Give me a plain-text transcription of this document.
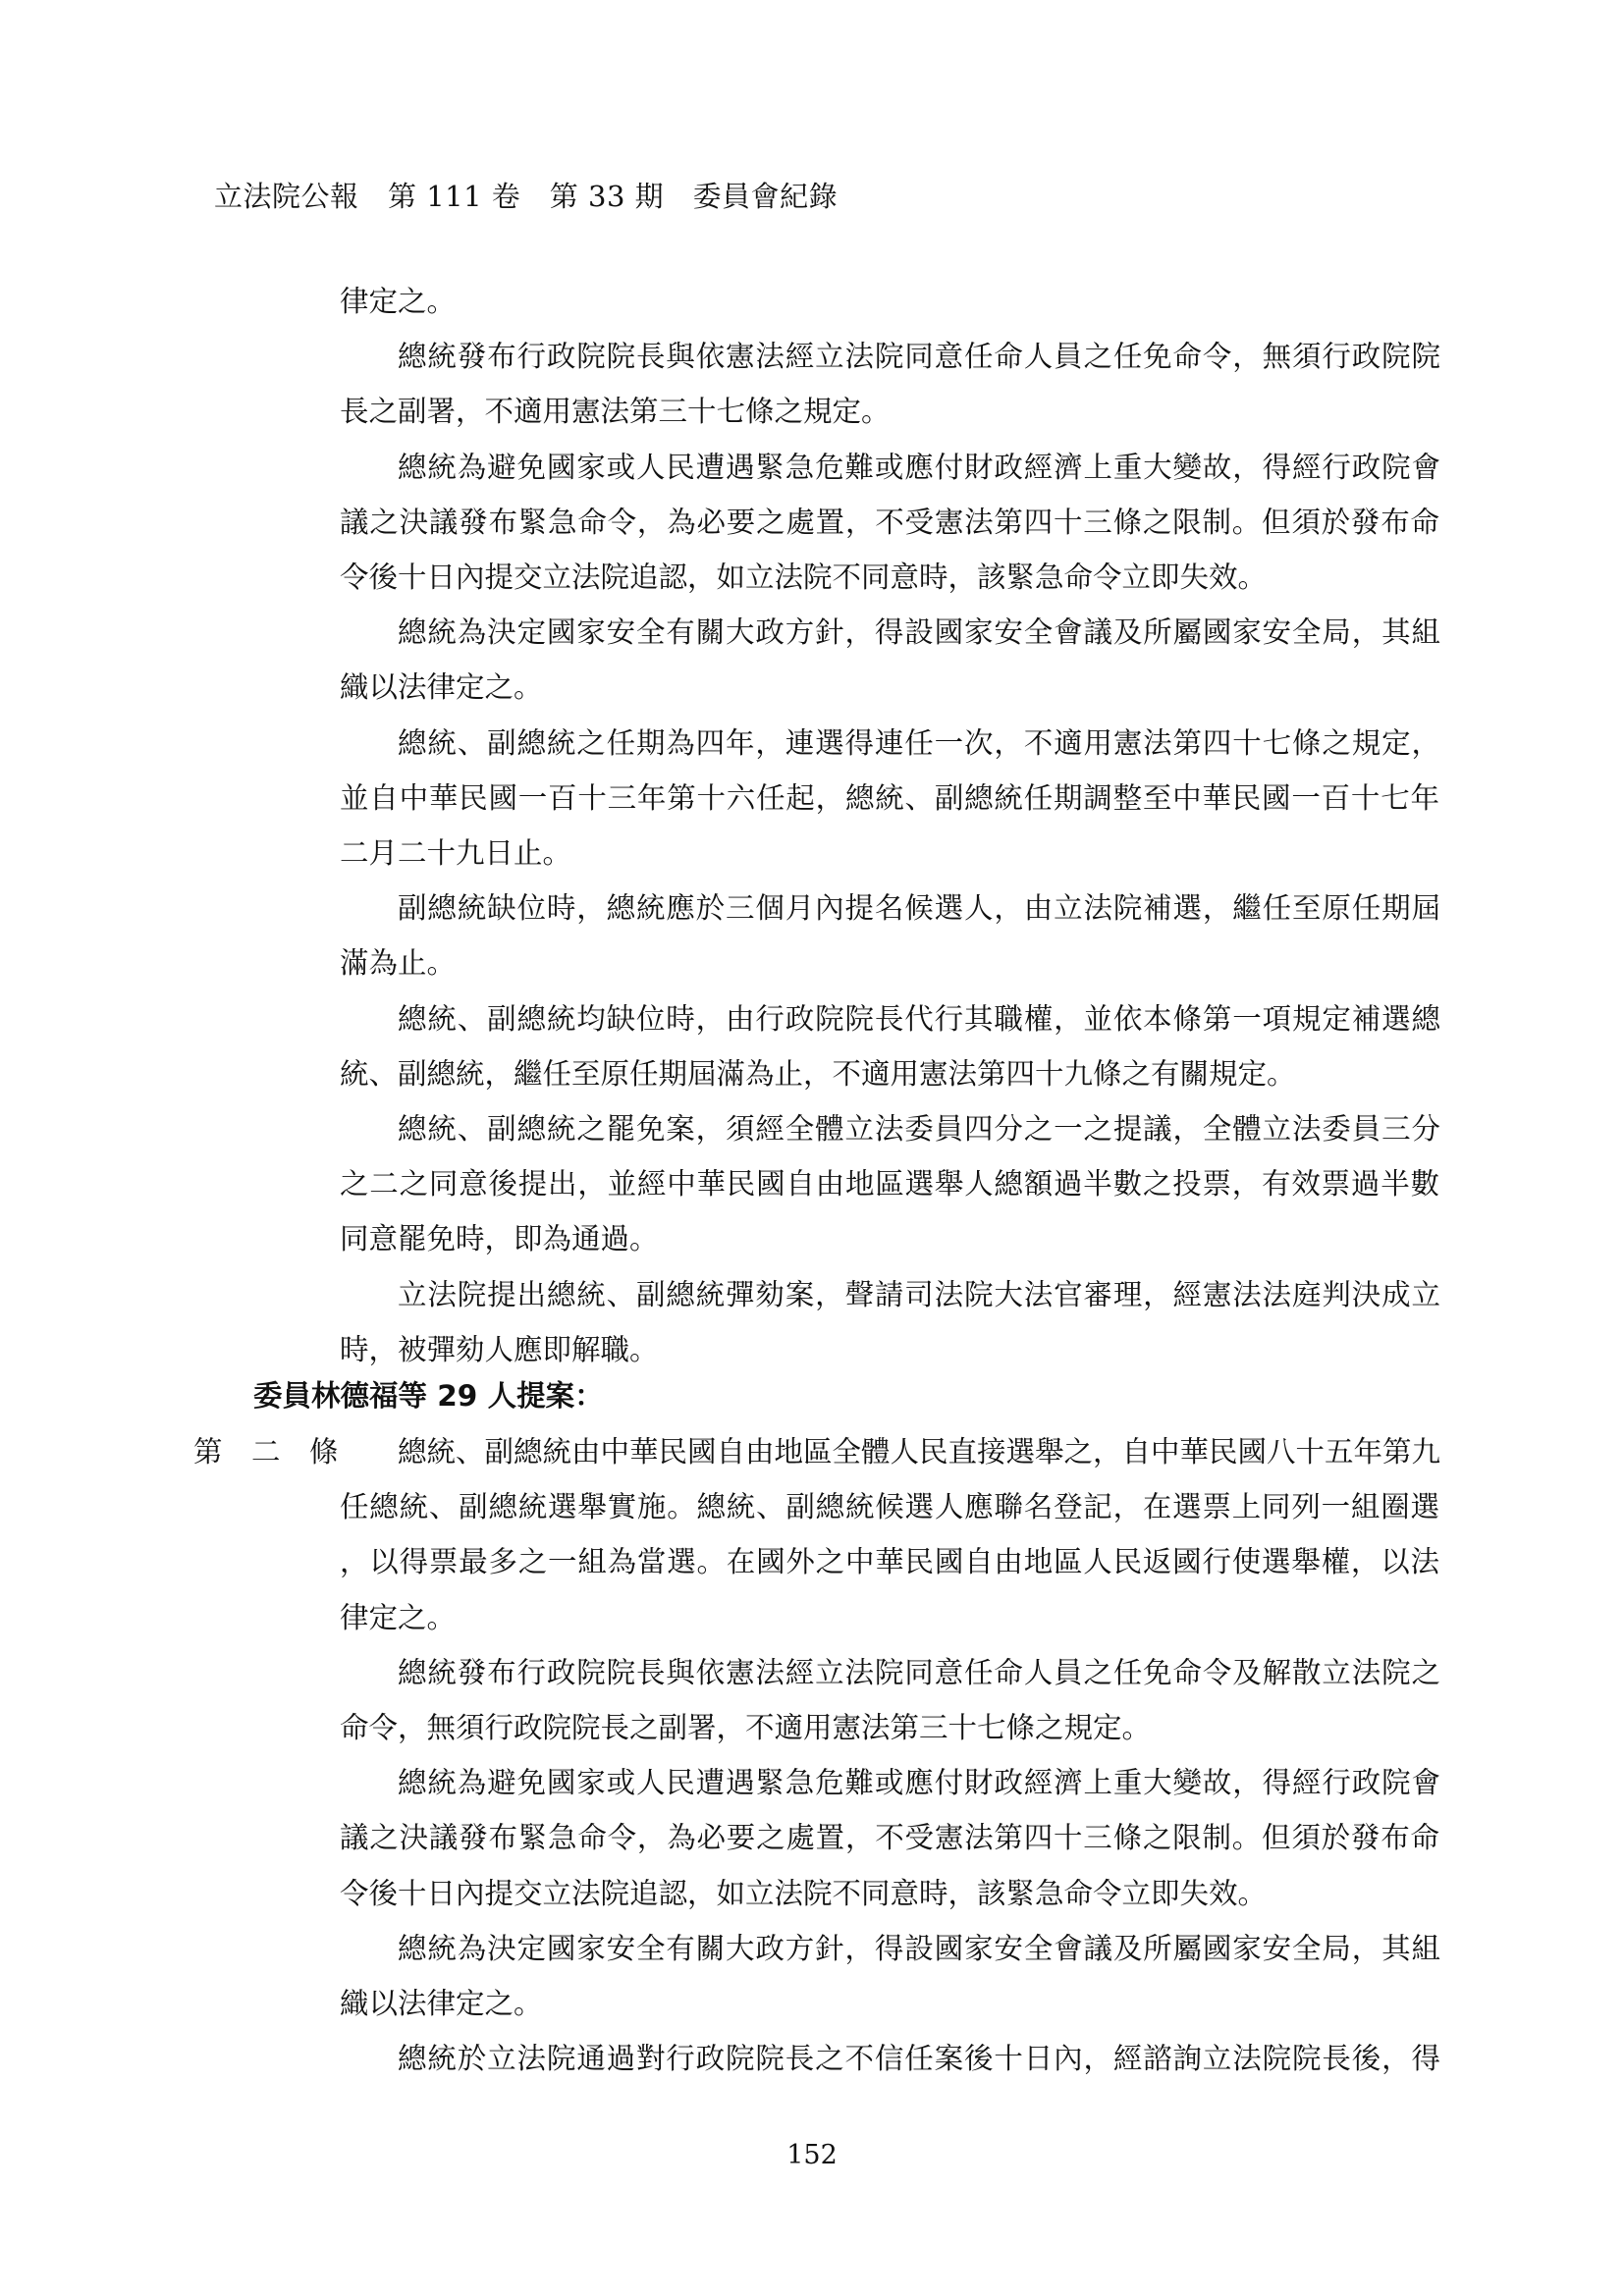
立法院公報　第 111 卷　第 33 期　委員會紀錄
律定之。
總統發布行政院院長與依憲法經立法院同意任命人員之任免命令，無須行政院院
長之副署，不適用憲法第三十七條之規定。
總統為避免國家或人民遭遇緊急危難或應付財政經濟上重大變故，得經行政院會
議之決議發布緊急命令，為必要之處置，不受憲法第四十三條之限制。但須於發布命
令後十日內提交立法院追認，如立法院不同意時，該緊急命令立即失效。
總統為決定國家安全有關大政方針，得設國家安全會議及所屬國家安全局，其組
織以法律定之。
總統、副總統之任期為四年，連選得連任一次，不適用憲法第四十七條之規定，
並自中華民國一百十三年第十六任起，總統、副總統任期調整至中華民國一百十七年
二月二十九日止。
副總統缺位時，總統應於三個月內提名候選人，由立法院補選，繼任至原任期屆
滿為止。
總統、副總統均缺位時，由行政院院長代行其職權，並依本條第一項規定補選總
統、副總統，繼任至原任期屆滿為止，不適用憲法第四十九條之有關規定。
總統、副總統之罷免案，須經全體立法委員四分之一之提議，全體立法委員三分
之二之同意後提出，並經中華民國自由地區選舉人總額過半數之投票，有效票過半數
同意罷免時，即為通過。
立法院提出總統、副總統彈劾案，聲請司法院大法官審理，經憲法法庭判決成立
時，被彈劾人應即解職。
委員林德福等 29 人提案：
第　二　條 總統、副總統由中華民國自由地區全體人民直接選舉之，自中華民國八十五年第九
任總統、副總統選舉實施。總統、副總統候選人應聯名登記，在選票上同列一組圈選
，以得票最多之一組為當選。在國外之中華民國自由地區人民返國行使選舉權，以法
律定之。
總統發布行政院院長與依憲法經立法院同意任命人員之任免命令及解散立法院之
命令，無須行政院院長之副署，不適用憲法第三十七條之規定。
總統為避免國家或人民遭遇緊急危難或應付財政經濟上重大變故，得經行政院會
議之決議發布緊急命令，為必要之處置，不受憲法第四十三條之限制。但須於發布命
令後十日內提交立法院追認，如立法院不同意時，該緊急命令立即失效。
總統為決定國家安全有關大政方針，得設國家安全會議及所屬國家安全局，其組
織以法律定之。
總統於立法院通過對行政院院長之不信任案後十日內，經諮詢立法院院長後，得
152
